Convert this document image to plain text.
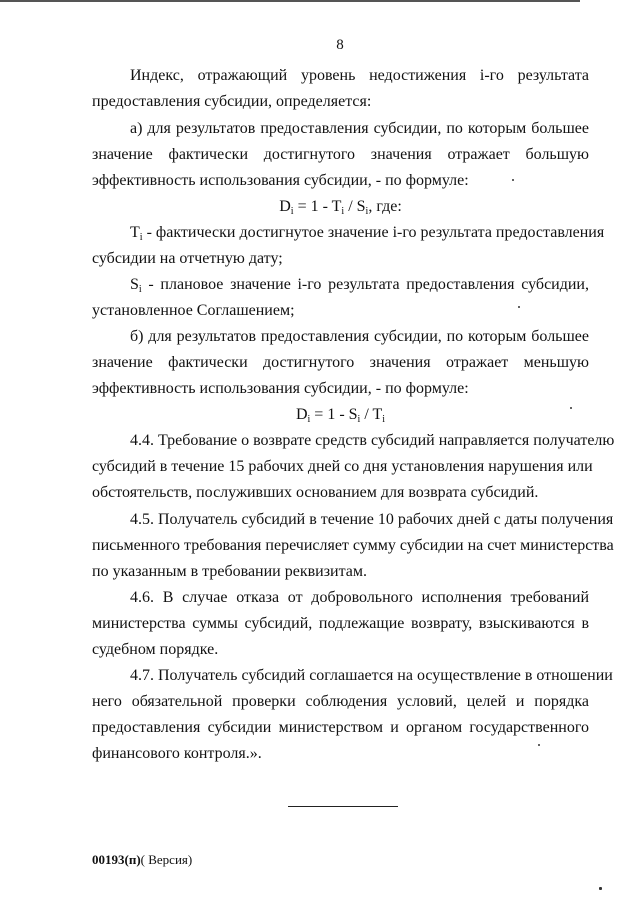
8

Индекс, отражающий уровень недостижения i-го результата

предоставления субсидии, определяется:

а) для результатов предоставления субсидии, по которым большее

значение фактически достигнутого значения отражает большую

эффективность использования субсидии, - по формуле:

$D_i = 1 - T_i / S_i$, где:

$T_i$ - фактически достигнутое значение i-го результата предоставления

субсидии на отчетную дату;

$S_i$ - плановое значение i-го результата предоставления субсидии,

установленное Соглашением;

б) для результатов предоставления субсидии, по которым большее

значение фактически достигнутого значения отражает меньшую

эффективность использования субсидии, - по формуле:

$D_i = 1 - S_i / T_i$

4.4. Требование о возврате средств субсидий направляется получателю

субсидий в течение 15 рабочих дней со дня установления нарушения или

обстоятельств, послуживших основанием для возврата субсидий.

4.5. Получатель субсидий в течение 10 рабочих дней с даты получения

письменного требования перечисляет сумму субсидии на счет министерства

по указанным в требовании реквизитам.

4.6. В случае отказа от добровольного исполнения требований

министерства суммы субсидий, подлежащие возврату, взыскиваются в

судебном порядке.

4.7. Получатель субсидий соглашается на осуществление в отношении

него обязательной проверки соблюдения условий, целей и порядка

предоставления субсидии министерством и органом государственного

финансового контроля.».

00193(п)( Версия)
